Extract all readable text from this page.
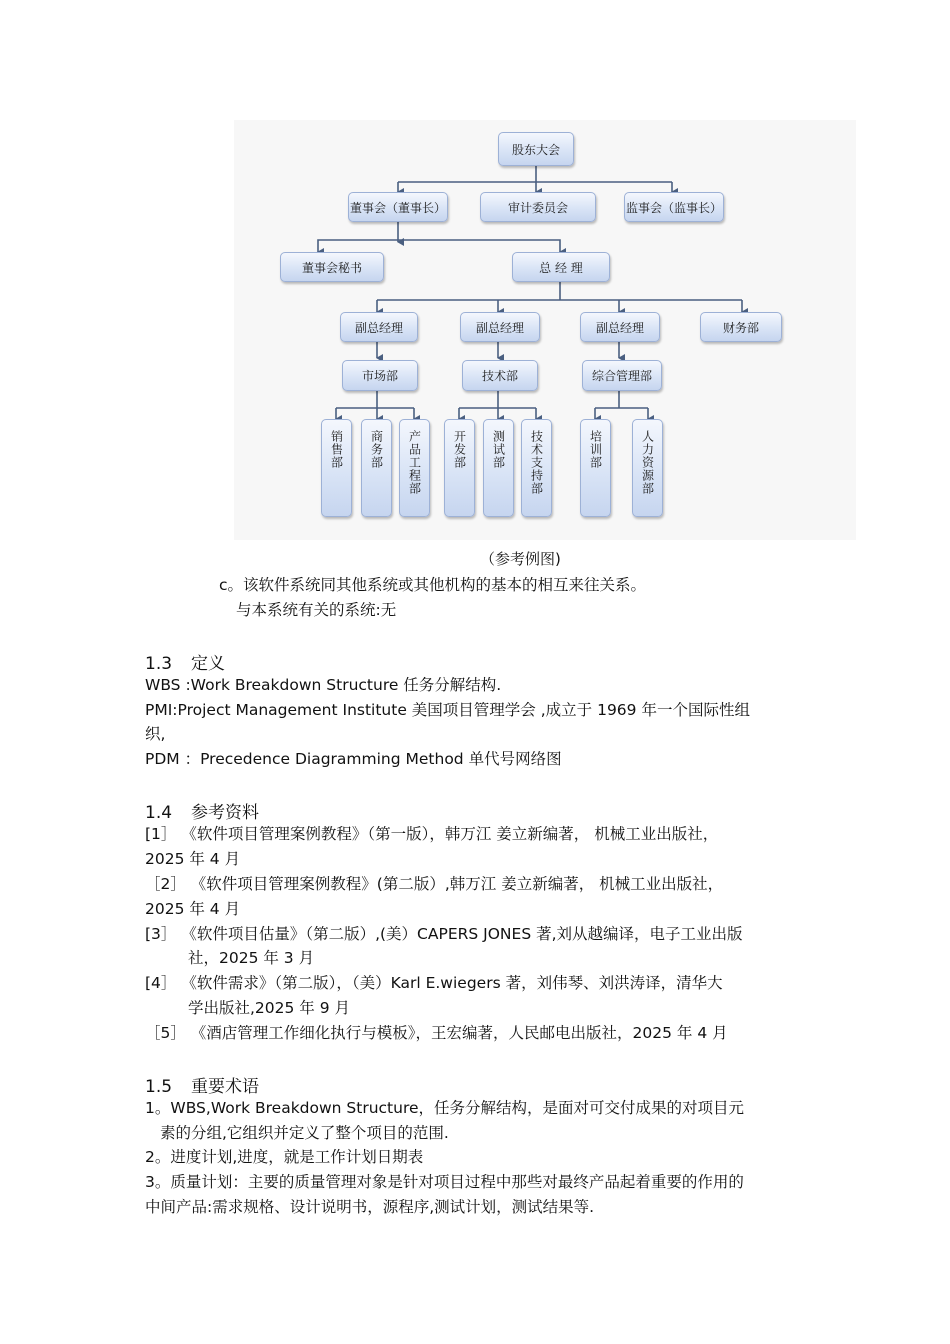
股东大会
董事会（董事长）	审计委员会	监事会（监事长）
董事会秘书	总 经 理
副总经理	副总经理	副总经理	财务部
市场部	技术部	综合管理部
销售部 商务部 产品工程部	开发部 测试部 技术支持部	培训部	人力资源部
（参考例图)
c。该软件系统同其他系统或其他机构的基本的相互来往关系。
与本系统有关的系统:无
1.3 定义
WBS :Work Breakdown Structure 任务分解结构.
PMI:Project Management Institute 美国项目管理学会 ,成立于 1969 年一个国际性组
织,
PDM ：Precedence Diagramming Method 单代号网络图
1.4 参考资料
[1］ 《软件项目管理案例教程》（第一版），韩万江 姜立新编著， 机械工业出版社，
2025 年 4 月
［2］ 《软件项目管理案例教程》(第二版）,韩万江 姜立新编著， 机械工业出版社，
2025 年 4 月
[3］ 《软件项目估量》（第二版）,(美）CAPERS JONES 著,刘从越编译，电子工业出版
社，2025 年 3 月
[4］ 《软件需求》（第二版），（美）Karl E.wiegers 著，刘伟琴、刘洪涛译，清华大
学出版社,2025 年 9 月
［5］ 《酒店管理工作细化执行与模板》，王宏编著，人民邮电出版社，2025 年 4 月
1.5 重要术语
1。WBS,Work Breakdown Structure，任务分解结构，是面对可交付成果的对项目元
素的分组,它组织并定义了整个项目的范围.
2。进度计划,进度，就是工作计划日期表
3。质量计划：主要的质量管理对象是针对项目过程中那些对最终产品起着重要的作用的
中间产品:需求规格、设计说明书，源程序,测试计划，测试结果等.
